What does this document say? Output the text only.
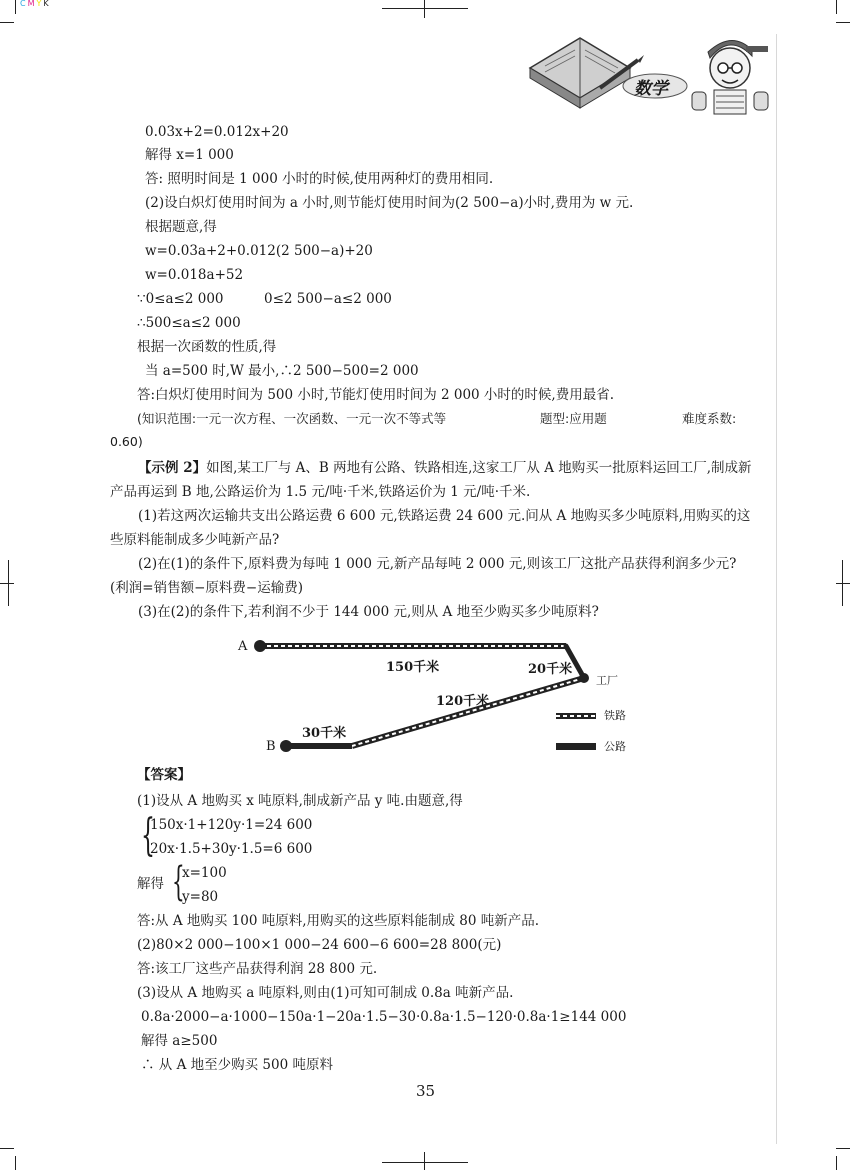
C M Y K
数学
0.03x+2=0.012x+20
解得 x=1 000
答: 照明时间是 1 000 小时的时候,使用两种灯的费用相同.
(2)设白炽灯使用时间为 a 小时,则节能灯使用时间为(2 500−a)小时,费用为 w 元.
根据题意,得
w=0.03a+2+0.012(2 500−a)+20
w=0.018a+52
∵0≤a≤2 000	0≤2 500−a≤2 000
∴500≤a≤2 000
根据一次函数的性质,得
当 a=500 时,W 最小,∴2 500−500=2 000
答:白炽灯使用时间为 500 小时,节能灯使用时间为 2 000 小时的时候,费用最省.
(知识范围:一元一次方程、一次函数、一元一次不等式等	题型:应用题	难度系数:
0.60)
【示例 2】如图,某工厂与 A、B 两地有公路、铁路相连,这家工厂从 A 地购买一批原料运回工厂,制成新产品再运到 B 地,公路运价为 1.5 元/吨·千米,铁路运价为 1 元/吨·千米.
(1)若这两次运输共支出公路运费 6 600 元,铁路运费 24 600 元.问从 A 地购买多少吨原料,用购买的这些原料能制成多少吨新产品?
(2)在(1)的条件下,原料费为每吨 1 000 元,新产品每吨 2 000 元,则该工厂这批产品获得利润多少元?(利润=销售额−原料费−运输费)
(3)在(2)的条件下,若利润不少于 144 000 元,则从 A 地至少购买多少吨原料?
A
B
工厂
150千米	20千米
120千米
30千米
铁路
公路
【答案】
(1)设从 A 地购买 x 吨原料,制成新产品 y 吨.由题意,得
{
150x·1+120y·1=24 600
20x·1.5+30y·1.5=6 600
解得 {
x=100
y=80
答:从 A 地购买 100 吨原料,用购买的这些原料能制成 80 吨新产品.
(2)80×2 000−100×1 000−24 600−6 600=28 800(元)
答:该工厂这些产品获得利润 28 800 元.
(3)设从 A 地购买 a 吨原料,则由(1)可知可制成 0.8a 吨新产品.
0.8a·2000−a·1000−150a·1−20a·1.5−30·0.8a·1.5−120·0.8a·1≥144 000
解得 a≥500
∴ 从 A 地至少购买 500 吨原料
35
